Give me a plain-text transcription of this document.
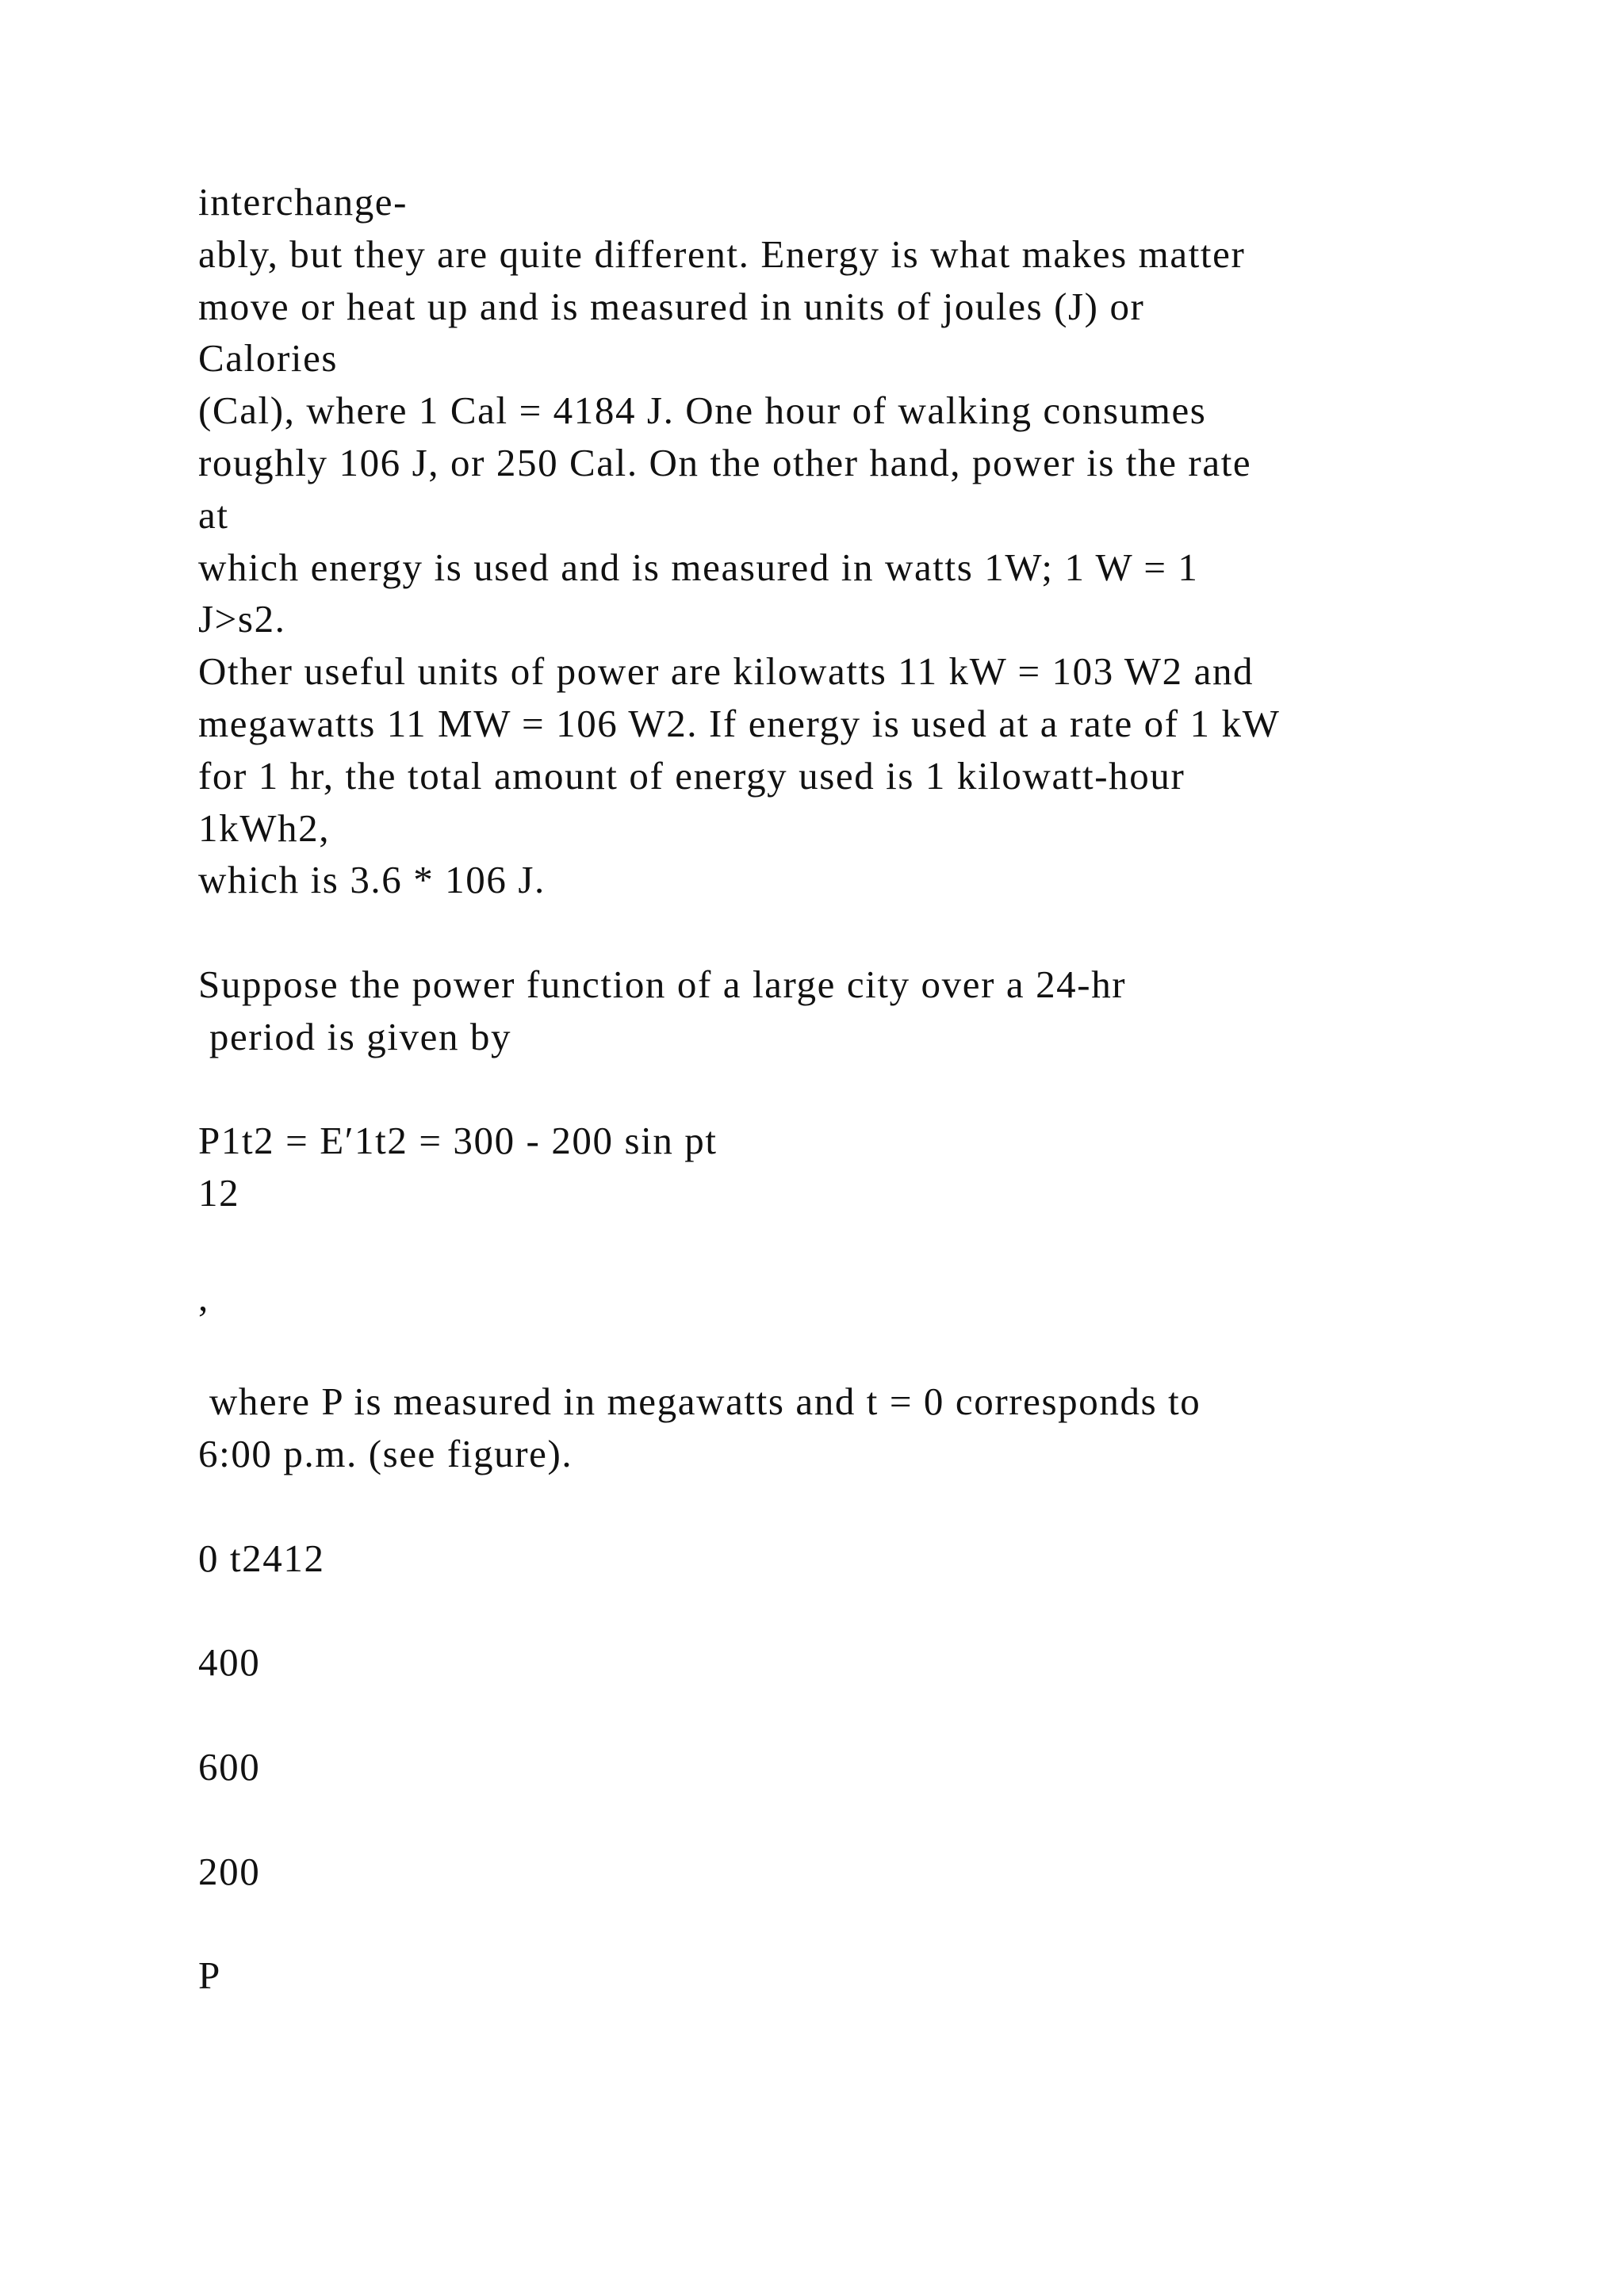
interchange-
ably, but they are quite different. Energy is what makes matter
move or heat up and is measured in units of joules (J) or
Calories
(Cal), where 1 Cal = 4184 J. One hour of walking consumes
roughly 106 J, or 250 Cal. On the other hand, power is the rate
at
which energy is used and is measured in watts 1W; 1 W = 1
J>s2.
Other useful units of power are kilowatts 11 kW = 103 W2 and
megawatts 11 MW = 106 W2. If energy is used at a rate of 1 kW
for 1 hr, the total amount of energy used is 1 kilowatt-hour
1kWh2,
which is 3.6 * 106 J.
Suppose the power function of a large city over a 24-hr
period is given by
P1t2 = E′1t2 = 300 - 200 sin pt
12
,
where P is measured in megawatts and t = 0 corresponds to
6:00 p.m. (see figure).
0 t2412
400
600
200
P
